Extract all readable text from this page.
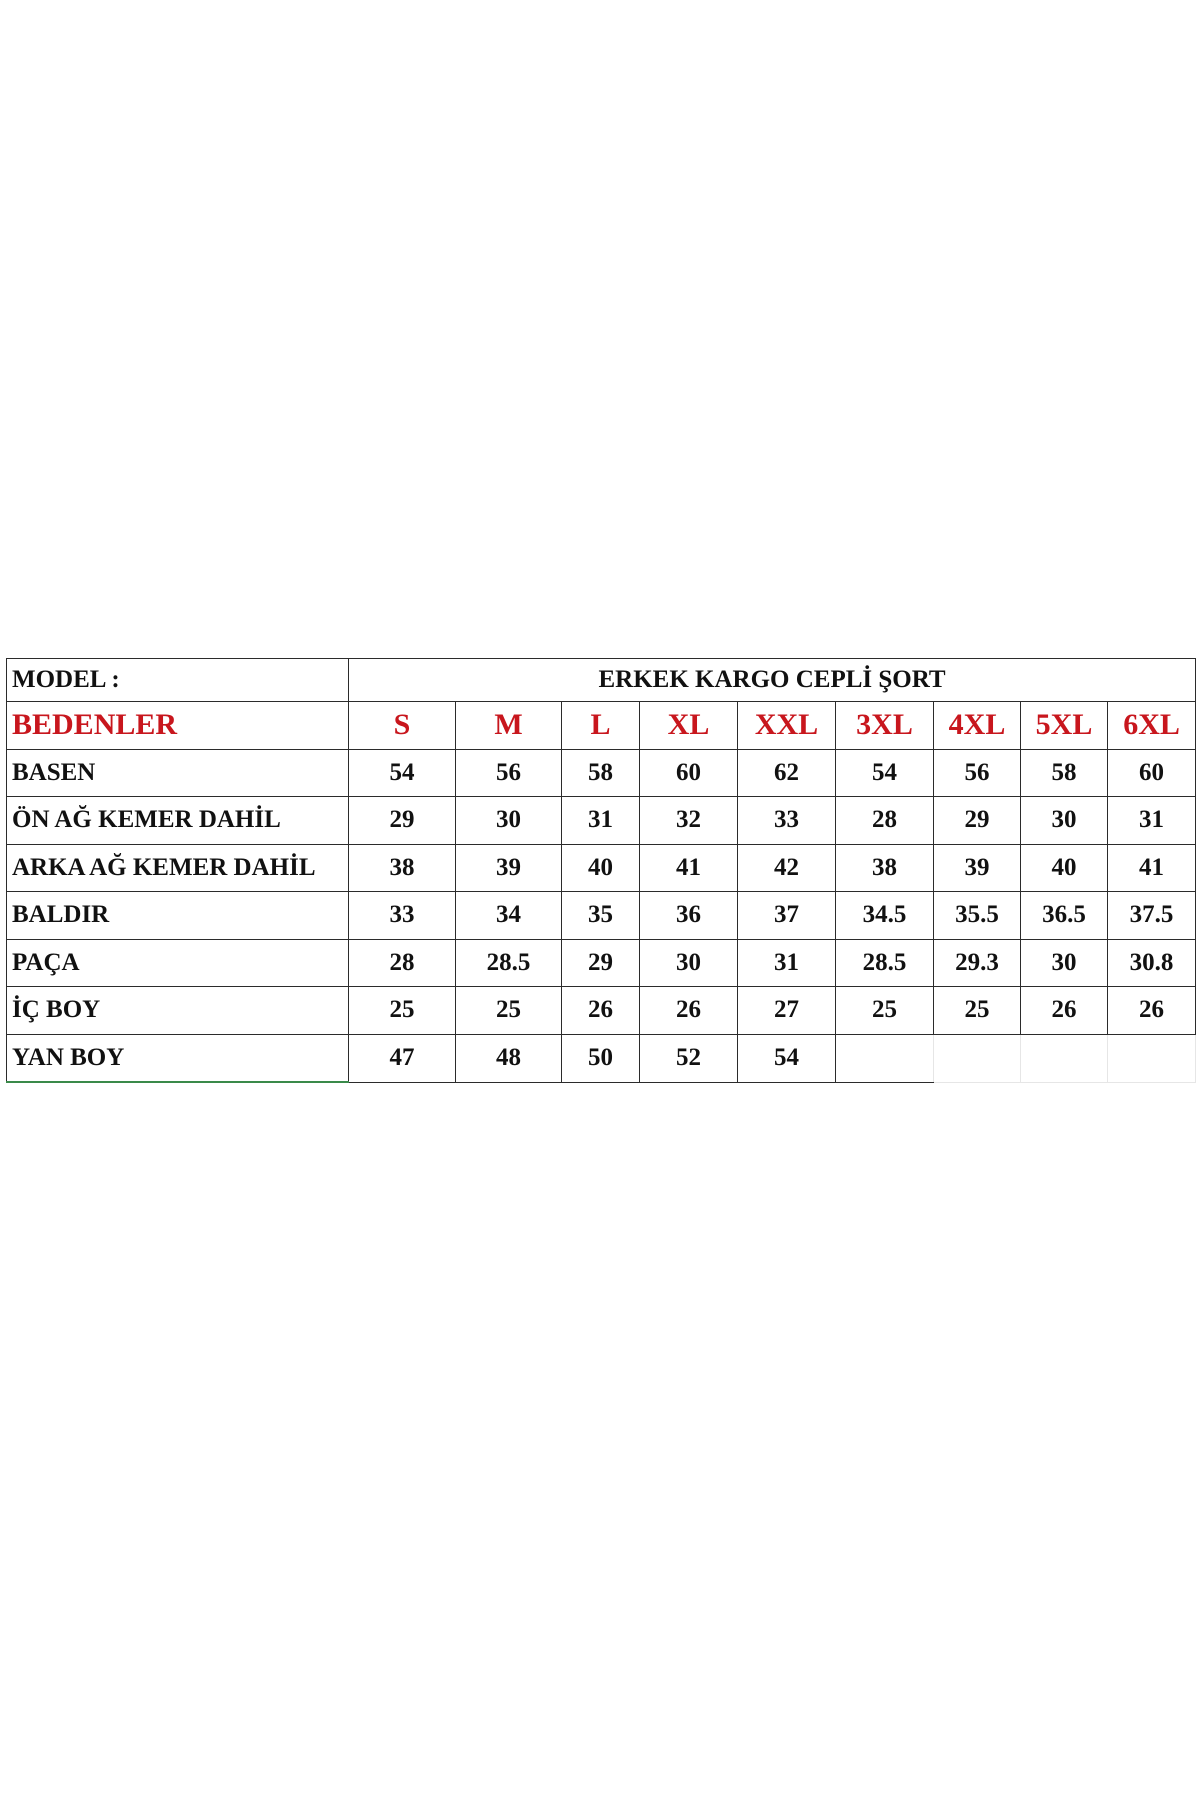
MODEL :	ERKEK KARGO CEPLİ ŞORT								
BEDENLER	S	M	L	XL	XXL	3XL	4XL	5XL	6XL
BASEN	54	56	58	60	62	54	56	58	60
ÖN AĞ KEMER DAHİL	29	30	31	32	33	28	29	30	31
ARKA AĞ KEMER DAHİL	38	39	40	41	42	38	39	40	41
BALDIR	33	34	35	36	37	34.5	35.5	36.5	37.5
PAÇA	28	28.5	29	30	31	28.5	29.3	30	30.8
İÇ BOY	25	25	26	26	27	25	25	26	26
YAN BOY	47	48	50	52	54				
